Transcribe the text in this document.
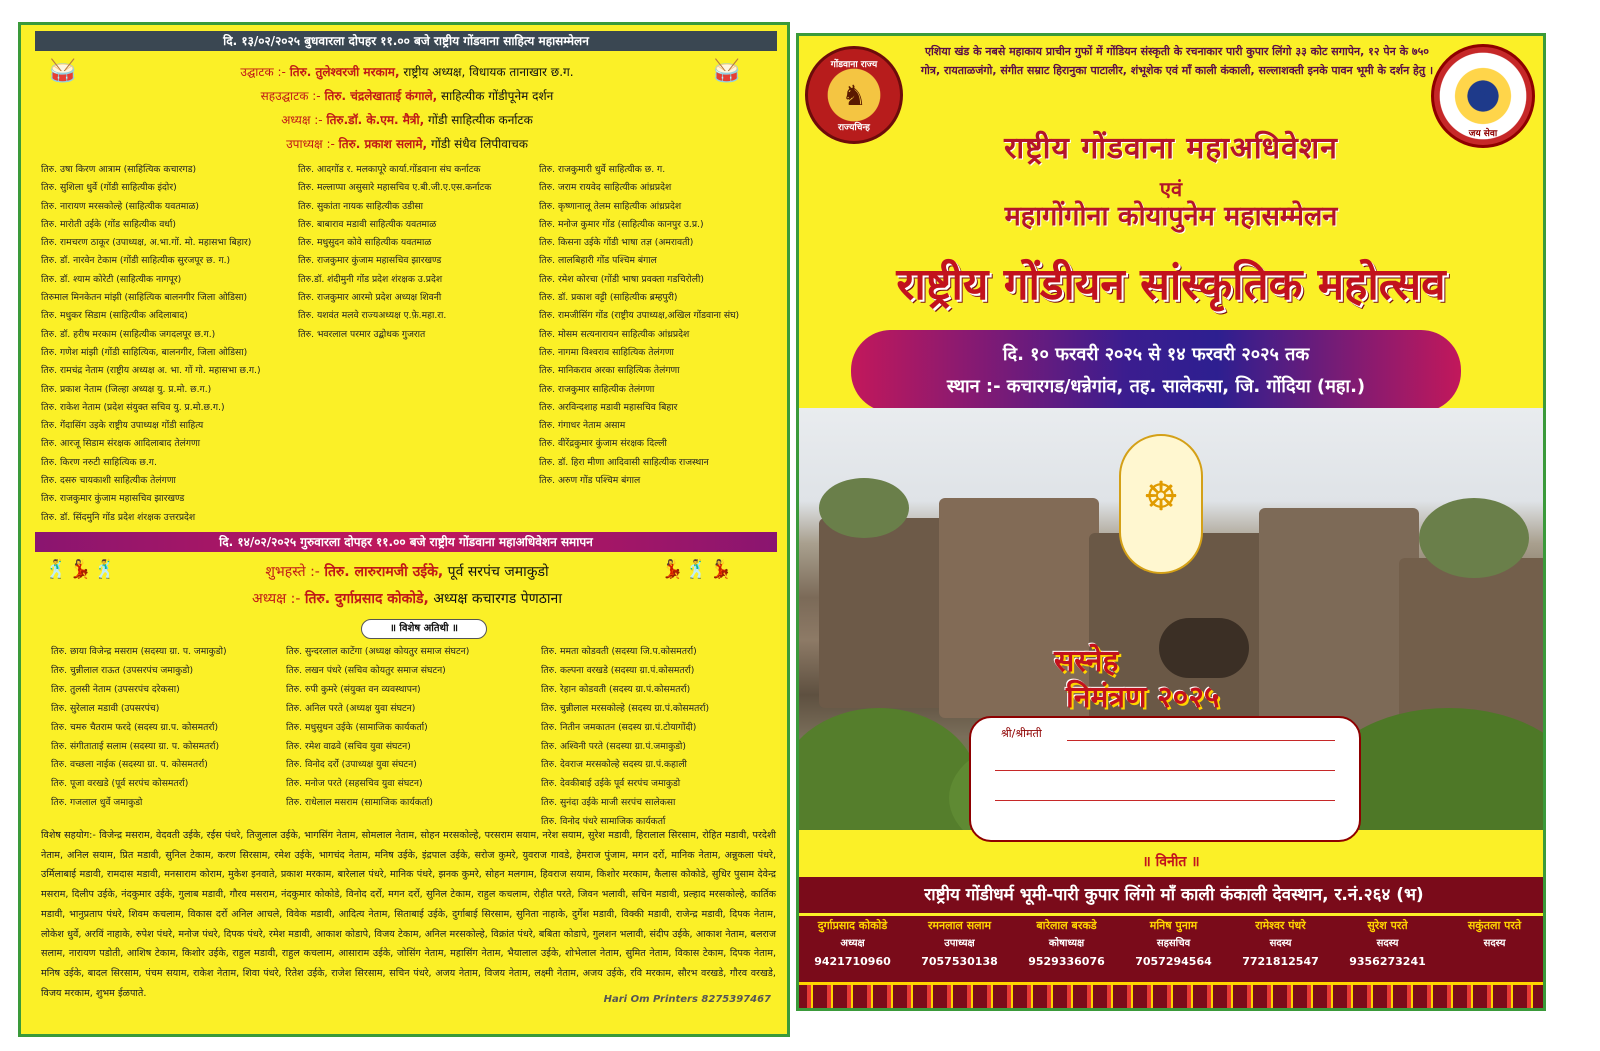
दि. १३/०२/२०२५ बुधवारला दोपहर ११.०० बजे राष्ट्रीय गोंडवाना साहित्य महासम्मेलन
🥁	🥁
उद्घाटक :- तिरु. तुलेश्वरजी मरकाम, राष्ट्रीय अध्यक्ष, विधायक तानाखार छ.ग.
सहउद्घाटक :- तिरु. चंद्रलेखाताई कंगाले, साहित्यीक गोंडीपूनेम दर्शन
अध्यक्ष :- तिरु.डॉ. के.एम. मैत्री, गोंडी साहित्यीक कर्नाटक
उपाध्यक्ष :- तिरु. प्रकाश सलामे, गोंडी संधैव लिपीवाचक
तिरु. उषा किरण आत्राम (साहित्यिक कचारगड)
तिरु. सुशिला धुर्वे (गोंडी साहित्यीक इंदोर)
तिरु. नारायण मरसकोल्हे (साहित्यीक यवतमाळ)
तिरु. मारोती उईके (गोंड साहित्यीक वर्धा)
तिरु. रामचरण ठाकूर (उपाध्यक्ष, अ.भा.गों. मो. महासभा बिहार)
तिरु. डॉ. नारवेन टेकाम (गोंडी साहित्यीक सुरजपूर छ. ग.)
तिरु. डॉ. श्याम कोरेटी (साहित्यीक नागपूर)
तिरुमाल मिनकेतन मांझी (साहित्यिक बालनगीर जिला ओडिसा)
तिरु. मधुकर सिडाम (साहित्यीक अदिलाबाद)
तिरु. डॉ. हरीष मरकाम (साहित्यीक जगदलपूर छ.ग.)
तिरु. गणेश मांझी (गोंडी साहित्यिक, बालनगीर, जिला ओडिसा)
तिरु. रामचंद्र नेताम (राष्ट्रीय अध्यक्ष अ. भा. गों गो. महासभा छ.ग.)
तिरु. प्रकाश नेताम (जिल्हा अध्यक्ष यु. प्र.मो. छ.ग.)
तिरु. राकेश नेताम (प्रदेश संयुक्त सचिव यु. प्र.मो.छ.ग.)
तिरु. गेंदासिंग उइके राष्ट्रीय उपाध्यक्ष गोंडी साहित्य
तिरु. आरजू सिडाम संरक्षक आदिलाबाद तेलंगणा
तिरु. किरण नरुटी साहित्यिक छ.ग.
तिरु. दसरु चायकाशी साहित्यीक तेलंगणा
तिरु. राजकुमार कुंजाम महासचिव झारखण्ड
तिरु. डॉ. सिंदमुनि गोंड प्रदेश शंरक्षक उत्तरप्रदेश
तिरु. आदगोंड र. मलकापूरे कार्या.गोंडवाना संघ कर्नाटक
तिरु. मल्लाप्पा असुसारे महासचिव ए.बी.जी.ए.एस.कर्नाटक
तिरु. सुकांता नायक साहित्यीक उडीसा
तिरु. बाबाराव मडावी साहित्यीक यवतमाळ
तिरु. मधुसुदन कोवे साहित्यीक यवतमाळ
तिरु. राजकुमार कुंजाम महासचिव झारखण्ड
तिरु.डॉ. शंदीमुनी गोंड प्रदेश शंरक्षक उ.प्रदेश
तिरु. राजकुमार आरमो प्रदेश अध्यक्ष शिवनी
तिरु. यशवंत मलवे राज्यअध्यक्ष ए.फ़े.महा.रा.
तिरु. भवरलाल परमार उद्बोधक गुजरात
तिरु. राजकुमारी धुर्वे साहित्यीक छ. ग.
तिरु. जराम रायवेद साहित्यीक आंध्रप्रदेश
तिरु. कृष्णानालू तेलम साहित्यीक आंध्रप्रदेश
तिरु. मनोज कुमार गोंड (साहित्यीक कानपुर उ.प्र.)
तिरु. किसना उईके गोंडी भाषा तज्ञ (अमरावती)
तिरु. लालबिहारी गोंड पश्चिम बंगाल
तिरु. रमेश कोरचा (गोंडी भाषा प्रवक्ता गडचिरोली)
तिरु. डॉ. प्रकाश वट्टी (साहित्यीक ब्रम्हपुरी)
तिरु. रामजीसिंग गोंड (राष्ट्रीय उपाध्यक्ष,अखिल गोंडवाना संघ)
तिरु. मोसम सत्यनारायन साहित्यीक आंध्रप्रदेश
तिरु. नागमा विश्वराव साहित्यिक तेलंगणा
तिरु. मानिकराव अरका साहित्यिक तेलंगणा
तिरु. राजकुमार साहित्यीक तेलंगणा
तिरु. अरविन्दशाह मडावी महासचिव बिहार
तिरु. गंगाधर नेताम असाम
तिरु. वीरेंद्रकुमार कुंजाम संरक्षक दिल्ली
तिरु. डॉ. हिरा मीणा आदिवासी साहित्यीक राजस्थान
तिरु. अरुण गोंड पश्चिम बंगाल
दि. १४/०२/२०२५ गुरुवारला दोपहर ११.०० बजे राष्ट्रीय गोंडवाना महाअधिवेशन समापन
🕺💃🕺	💃🕺💃
शुभहस्ते :- तिरु. लारुरामजी उईके, पूर्व सरपंच जमाकुडो
अध्यक्ष :- तिरु. दुर्गाप्रसाद कोकोडे, अध्यक्ष कचारगड पेणठाना
॥ विशेष अतिथी ॥
तिरु. छाया विजेन्द्र मसराम (सदस्या ग्रा. प. जमाकुडो)
तिरु. चुन्नीलाल राऊत (उपसरपंच जमाकुडो)
तिरु. तुलसी नेताम (उपसरपंच दरेकसा)
तिरु. सुरेलाल मडावी (उपसरपंच)
तिरु. चमरु चैतराम फरदे (सदस्य ग्रा.प. कोसमतर्रा)
तिरु. संगीताताई सलाम (सदस्या ग्रा. प. कोसमतर्रा)
तिरु. वच्छला नाईक (सदस्या ग्रा. प. कोसमतर्रा)
तिरु. पूजा वरखडे (पूर्व सरपंच कोसमतर्रा)
तिरु. गजलाल धुर्वे जमाकुडो
तिरु. सुन्दरलाल काटेंगा (अध्यक्ष कोयतुर समाज संघटन)
तिरु. लखन पंधरे (सचिव कोयतुर समाज संघटन)
तिरु. रुपी कुमरे (संयुक्त वन व्यवस्थापन)
तिरु. अनिल परते (अध्यक्ष युवा संघटन)
तिरु. मधुसुधन उईके (सामाजिक कार्यकर्ता)
तिरु. रमेश वाढवे (सचिव युवा संघटन)
तिरु. विनोद दर्रो (उपाध्यक्ष युवा संघटन)
तिरु. मनोज परते (सहसचिव युवा संघटन)
तिरु. राधेलाल मसराम (सामाजिक कार्यकर्ता)
तिरु. ममता कोडवती (सदस्या जि.प.कोसमतर्रा)
तिरु. कल्पना वरखडे (सदस्या ग्रा.पं.कोसमतर्रा)
तिरु. रेहान कोडवती (सदस्य ग्रा.पं.कोसमतर्रा)
तिरु. चुन्नीलाल मरसकोल्हे (सदस्य ग्रा.पं.कोसमतर्रा)
तिरु. नितीन जमकातन (सदस्य ग्रा.पं.टोयागोंदी)
तिरु. अश्विनी परते (सदस्या ग्रा.पं.जमाकुडो)
तिरु. देवराज मरसकोल्हे सदस्य ग्रा.पं.कहाली
तिरु. देवकीबाई उईके पूर्व सरपंच जमाकुडो
तिरु. सुनंदा उईके माजी सरपंच सालेकसा
तिरु. विनोद पंधरे सामाजिक कार्यकर्ता
विशेष सहयोग:- विजेन्द्र मसराम, वेदवती उईके, रईस पंधरे, तिजुलाल उईके, भागसिंग नेताम, सोमलाल नेताम, सोहन मरसकोल्हे, परसराम सयाम, नरेश सयाम, सुरेश मडावी, हिरालाल सिरसाम, रोहित मडावी, परदेशी नेताम, अनिल सयाम, प्रित मडावी, सुनिल टेकाम, करण सिरसाम, रमेश उईके, भागचंद नेताम, मनिष उईके, इंद्रपाल उईके, सरोज कुमरे, युवराज गावडे, हेमराज पुंजाम, मगन दर्रो, मानिक नेताम, अन्नुकला पंधरे, उर्मिलाबाई मडावी, रामदास मडावी, मनसाराम कोराम, मुकेश इनवाते, प्रकाश मरकाम, बारेलाल पंधरे, मानिक पंधरे, झनक कुमरे, सोहन मलगाम, हिवराज सयाम, किशोर मरकाम, कैलास कोकोडे, सुधिर पुसाम देवेन्द्र मसराम, दिलीप उईके, नंदकुमार उईके, गुलाब मडावी, गौरव मसराम, नंदकुमार कोकोडे, विनोद दर्रो, मगन दर्रो, सुनिल टेकाम, राहुल कचलाम, रोहीत परते, जिवन भलावी, सचिन मडावी, प्रल्हाद मरसकोल्हे, कार्तिक मडावी, भानुप्रताप पंधरे, शिवम कचलाम, विकास दर्रो अनिल आचले, विवेक मडावी, आदित्य नेताम, सिताबाई उईके, दुर्गाबाई सिरसाम, सुनिता नाहाके, दुर्गेश मडावी, विक्की मडावी, राजेन्द्र मडावी, दिपक नेताम, लोकेश धुर्वे, अरविं नाहाके, रुपेश पंधरे, मनोज पंधरे, दिपक पंधरे, रमेश मडावी, आकाश कोडापे, विजय टेकाम, अनिल मरसकोल्हे, विक्रांत पंधरे, बबिता कोडापे, गुलशन भलावी, संदीप उईके, आकाश नेताम, बलराज सलाम, नारायण पडोती, आशिष टेकाम, किशोर उईके, राहुल मडावी, राहुल कचलाम, आसाराम उईके, जोसिंग नेताम, महासिंग नेताम, भैयालाल उईके, शोभेलाल नेताम, सुमित नेताम, विकास टेकाम, दिपक नेताम, मनिष उईके, बादल सिरसाम, पंचम सयाम, राकेश नेताम, शिवा पंधरे, रितेश उईके, राजेश सिरसाम, सचिन पंधरे, अजय नेताम, विजय नेताम, लक्ष्मी नेताम, अजय उईके, रवि मरकाम, सौरभ वरखडे, गौरव वरखडे, विजय मरकाम, शुभम ईळपाते.
Hari Om Printers 8275397467
गोंडवाना राज्य
♞
राज्यचिन्ह
♆
जय सेवा
एशिया खंड के नबसे महाकाय प्राचीन गुफों में गोंडियन संस्कृती के रचनाकार पारी कुपार लिंगो ३३ कोट सगापेन, १२ पेन के ७५० गोत्र, रायताळजंगो, संगीत सम्राट हिरानुका पाटालीर, शंभूशेक एवं माँ काली कंकाली, सल्लाशक्ती इनके पावन भूमी के दर्शन हेतु ।
राष्ट्रीय गोंडवाना महाअधिवेशन
एवं
महागोंगोना कोयापुनेम महासम्मेलन
राष्ट्रीय गोंडीयन सांस्कृतिक महोत्सव
दि. १० फरवरी २०२५ से १४ फरवरी २०२५ तक
स्थान :- कचारगड/धन्नेगांव, तह. सालेकसा, जि. गोंदिया (महा.)
☸
सस्नेह
निमंत्रण २०२५
श्री/श्रीमती
॥ विनीत ॥
राष्ट्रीय गोंडीधर्म भूमी-पारी कुपार लिंगो माँ काली कंकाली देवस्थान, र.नं.२६४ (भ)
दुर्गाप्रसाद कोकोडे
अध्यक्ष
9421710960
रमनलाल सलाम
उपाध्यक्ष
7057530138
बारेलाल बरकडे
कोषाध्यक्ष
9529336076
मनिष पुनाम
सहसचिव
7057294564
रामेश्वर पंधरे
सदस्य
7721812547
सुरेश परते
सदस्य
9356273241
सकुंतला परते
सदस्य
